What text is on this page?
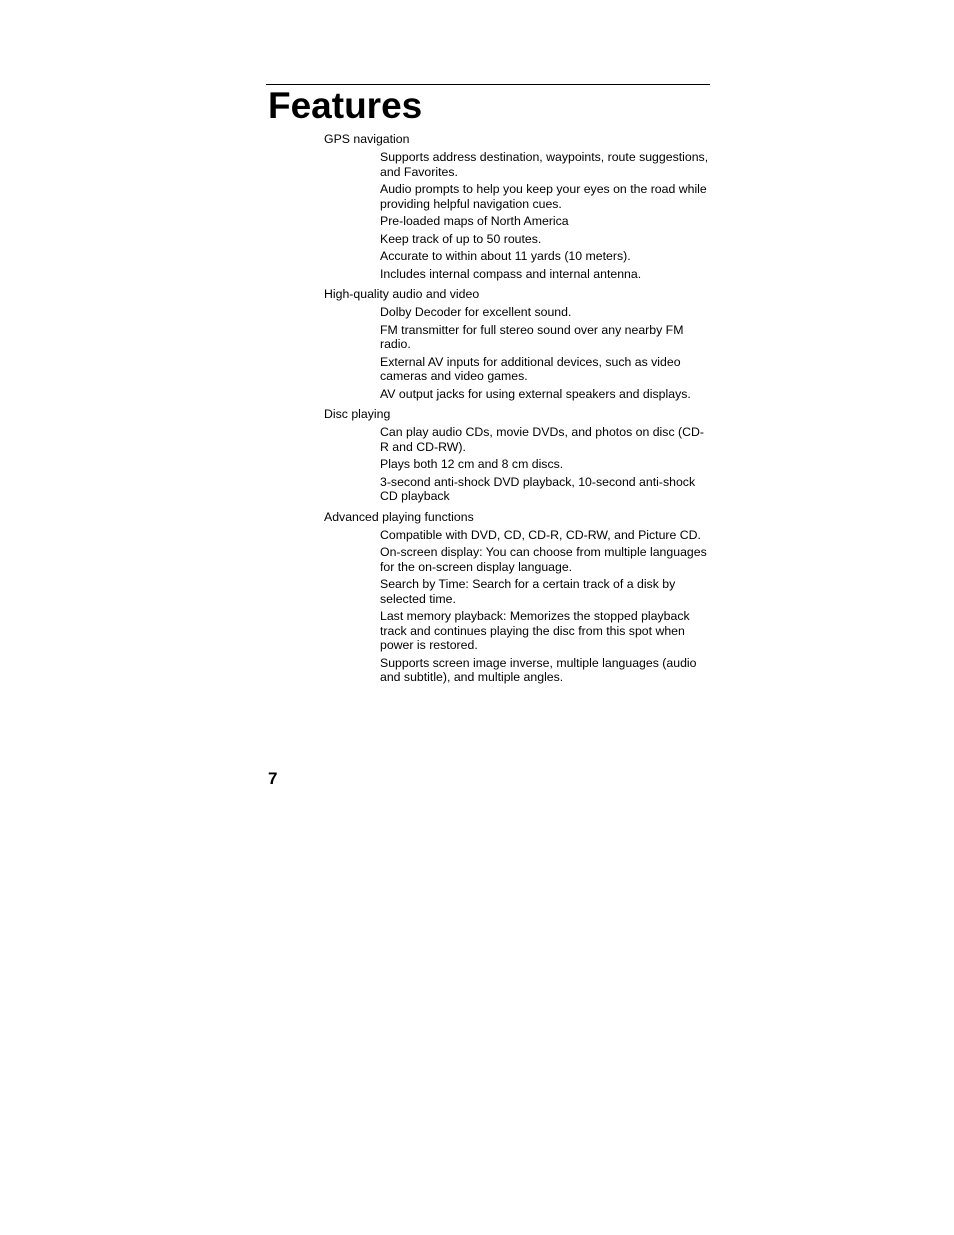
Features
GPS navigation
Supports address destination, waypoints, route suggestions, and Favorites.
Audio prompts to help you keep your eyes on the road while providing helpful navigation cues.
Pre-loaded maps of North America
Keep track of up to 50 routes.
Accurate to within about 11 yards (10 meters).
Includes internal compass and internal antenna.
High-quality audio and video
Dolby Decoder for excellent sound.
FM transmitter for full stereo sound over any nearby FM radio.
External AV inputs for additional devices, such as video cameras and video games.
AV output jacks for using external speakers and displays.
Disc playing
Can play audio CDs, movie DVDs, and photos on disc (CD-R and CD-RW).
Plays both 12 cm and 8 cm discs.
3-second anti-shock DVD playback, 10-second anti-shock CD playback
Advanced playing functions
Compatible with DVD, CD, CD-R, CD-RW, and Picture CD.
On-screen display: You can choose from multiple languages for the on-screen display language.
Search by Time: Search for a certain track of a disk by selected time.
Last memory playback: Memorizes the stopped playback track and continues playing the disc from this spot when power is restored.
Supports screen image inverse, multiple languages (audio and subtitle), and multiple angles.
7
